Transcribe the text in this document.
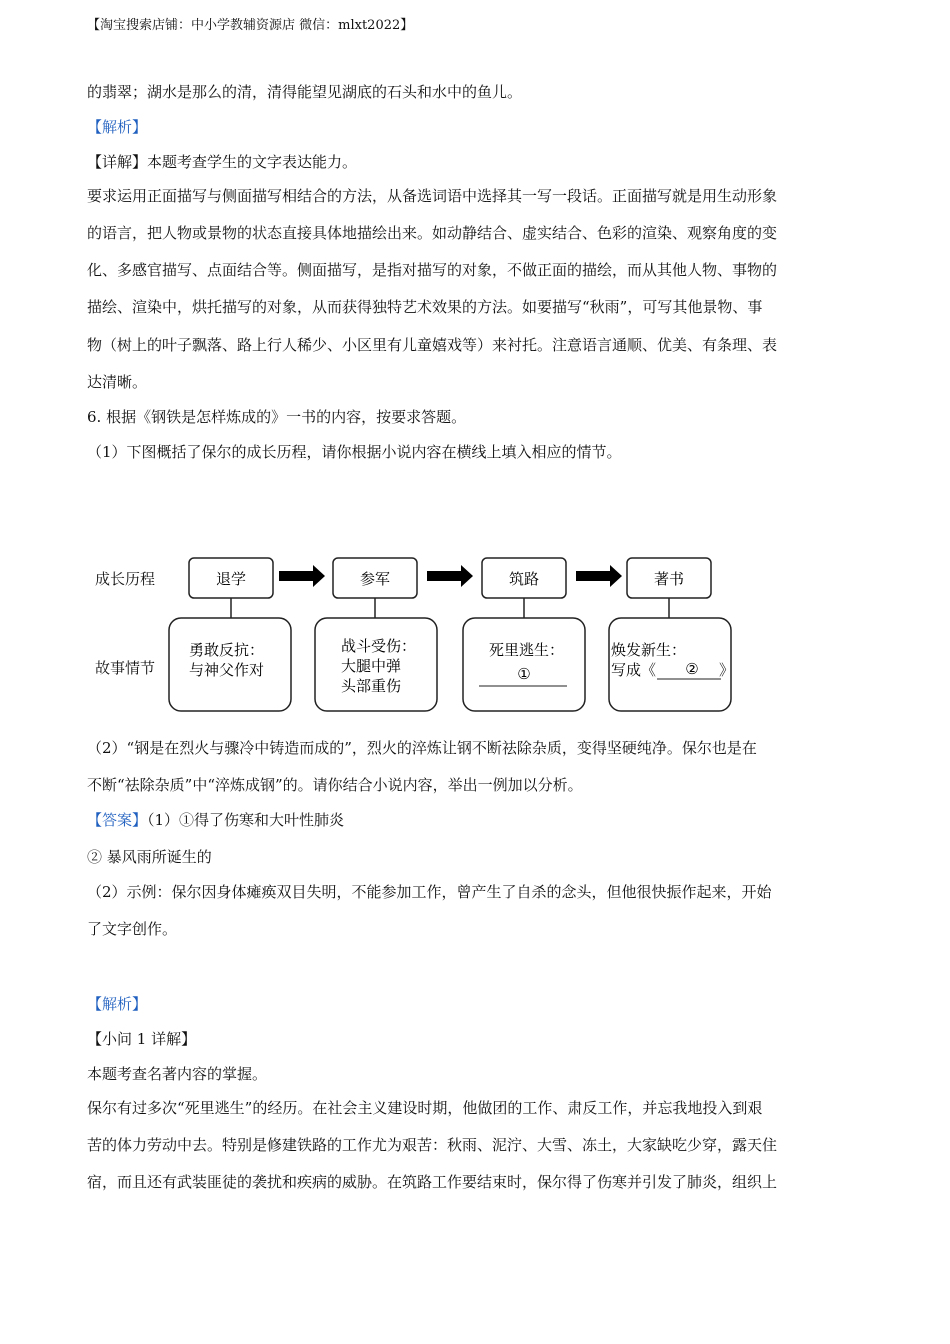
【淘宝搜索店铺：中小学教辅资源店 微信：mlxt2022】
的翡翠；湖水是那么的清，清得能望见湖底的石头和水中的鱼儿。
【解析】
【详解】本题考查学生的文字表达能力。
要求运用正面描写与侧面描写相结合的方法，从备选词语中选择其一写一段话。正面描写就是用生动形象
的语言，把人物或景物的状态直接具体地描绘出来。如动静结合、虚实结合、色彩的渲染、观察角度的变
化、多感官描写、点面结合等。侧面描写，是指对描写的对象，不做正面的描绘，而从其他人物、事物的
描绘、渲染中，烘托描写的对象，从而获得独特艺术效果的方法。如要描写“秋雨”，可写其他景物、事
物（树上的叶子飘落、路上行人稀少、小区里有儿童嬉戏等）来衬托。注意语言通顺、优美、有条理、表
达清晰。
6. 根据《钢铁是怎样炼成的》一书的内容，按要求答题。
（1）下图概括了保尔的成长历程，请你根据小说内容在横线上填入相应的情节。
成长历程
故事情节
退学	参军	筑路	著书
勇敢反抗：
与神父作对
战斗受伤：
大腿中弹
头部重伤
死里逃生：
①
焕发新生：
写成《 ② 》
（2）“钢是在烈火与骤冷中铸造而成的”，烈火的淬炼让钢不断祛除杂质，变得坚硬纯净。保尔也是在
不断“祛除杂质”中“淬炼成钢”的。请你结合小说内容，举出一例加以分析。
【答案】（1）①得了伤寒和大叶性肺炎
② 暴风雨所诞生的
（2）示例：保尔因身体瘫痪双目失明，不能参加工作，曾产生了自杀的念头，但他很快振作起来，开始
了文字创作。
【解析】
【小问 1 详解】
本题考查名著内容的掌握。
保尔有过多次“死里逃生”的经历。在社会主义建设时期，他做团的工作、肃反工作，并忘我地投入到艰
苦的体力劳动中去。特别是修建铁路的工作尤为艰苦：秋雨、泥泞、大雪、冻土，大家缺吃少穿，露天住
宿，而且还有武装匪徒的袭扰和疾病的威胁。在筑路工作要结束时，保尔得了伤寒并引发了肺炎，组织上
